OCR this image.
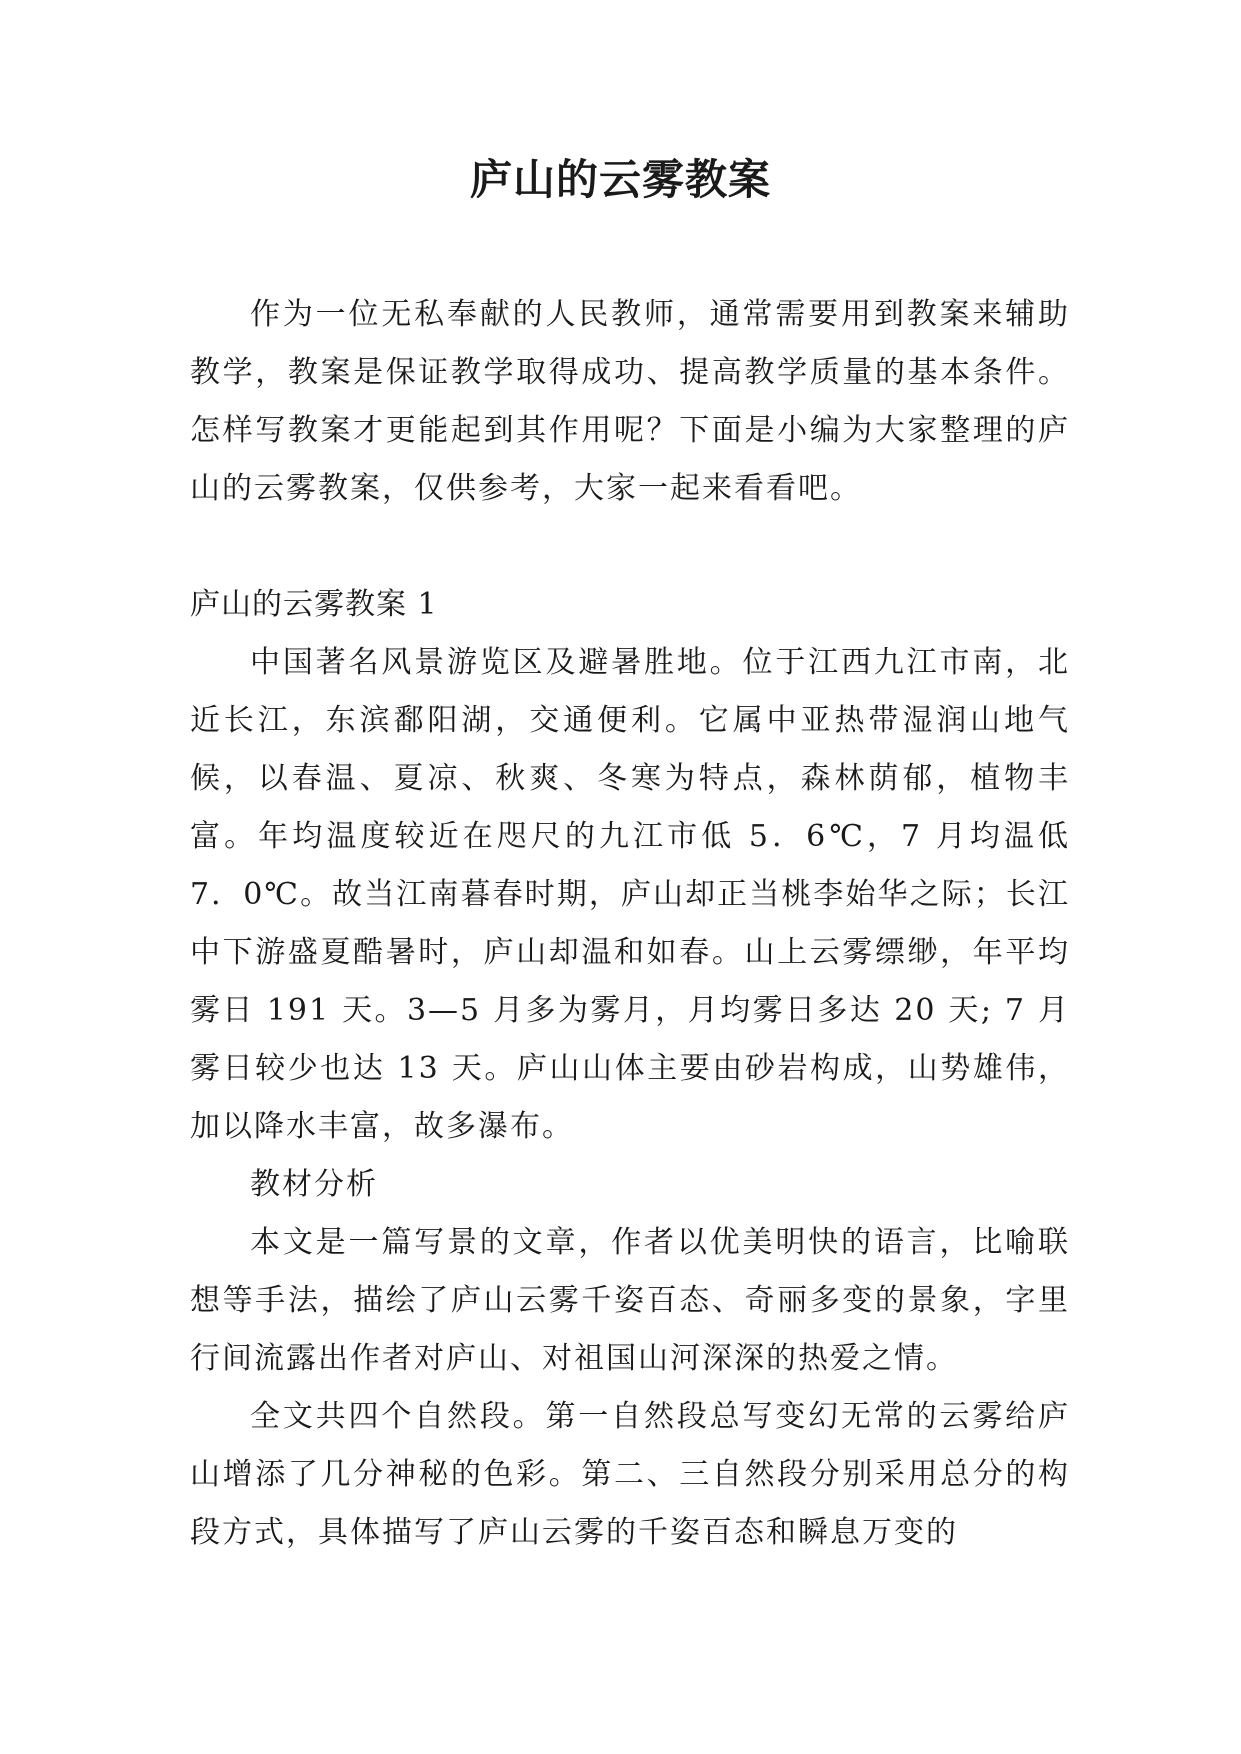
庐山的云雾教案

作为一位无私奉献的人民教师，通常需要用到教案来辅助教学，教案是保证教学取得成功、提高教学质量的基本条件。怎样写教案才更能起到其作用呢？下面是小编为大家整理的庐山的云雾教案，仅供参考，大家一起来看看吧。

庐山的云雾教案 1

中国著名风景游览区及避暑胜地。位于江西九江市南，北近长江，东滨鄱阳湖，交通便利。它属中亚热带湿润山地气候，以春温、夏凉、秋爽、冬寒为特点，森林荫郁，植物丰富。年均温度较近在咫尺的九江市低 5．6℃，7 月均温低 7．0℃。故当江南暮春时期，庐山却正当桃李始华之际；长江中下游盛夏酷暑时，庐山却温和如春。山上云雾缥缈，年平均雾日 191 天。3—5 月多为雾月，月均雾日多达 20 天; 7 月雾日较少也达 13 天。庐山山体主要由砂岩构成，山势雄伟，加以降水丰富，故多瀑布。

教材分析

本文是一篇写景的文章，作者以优美明快的语言，比喻联想等手法，描绘了庐山云雾千姿百态、奇丽多变的景象，字里行间流露出作者对庐山、对祖国山河深深的热爱之情。

全文共四个自然段。第一自然段总写变幻无常的云雾给庐山增添了几分神秘的色彩。第二、三自然段分别采用总分的构段方式，具体描写了庐山云雾的千姿百态和瞬息万变的
